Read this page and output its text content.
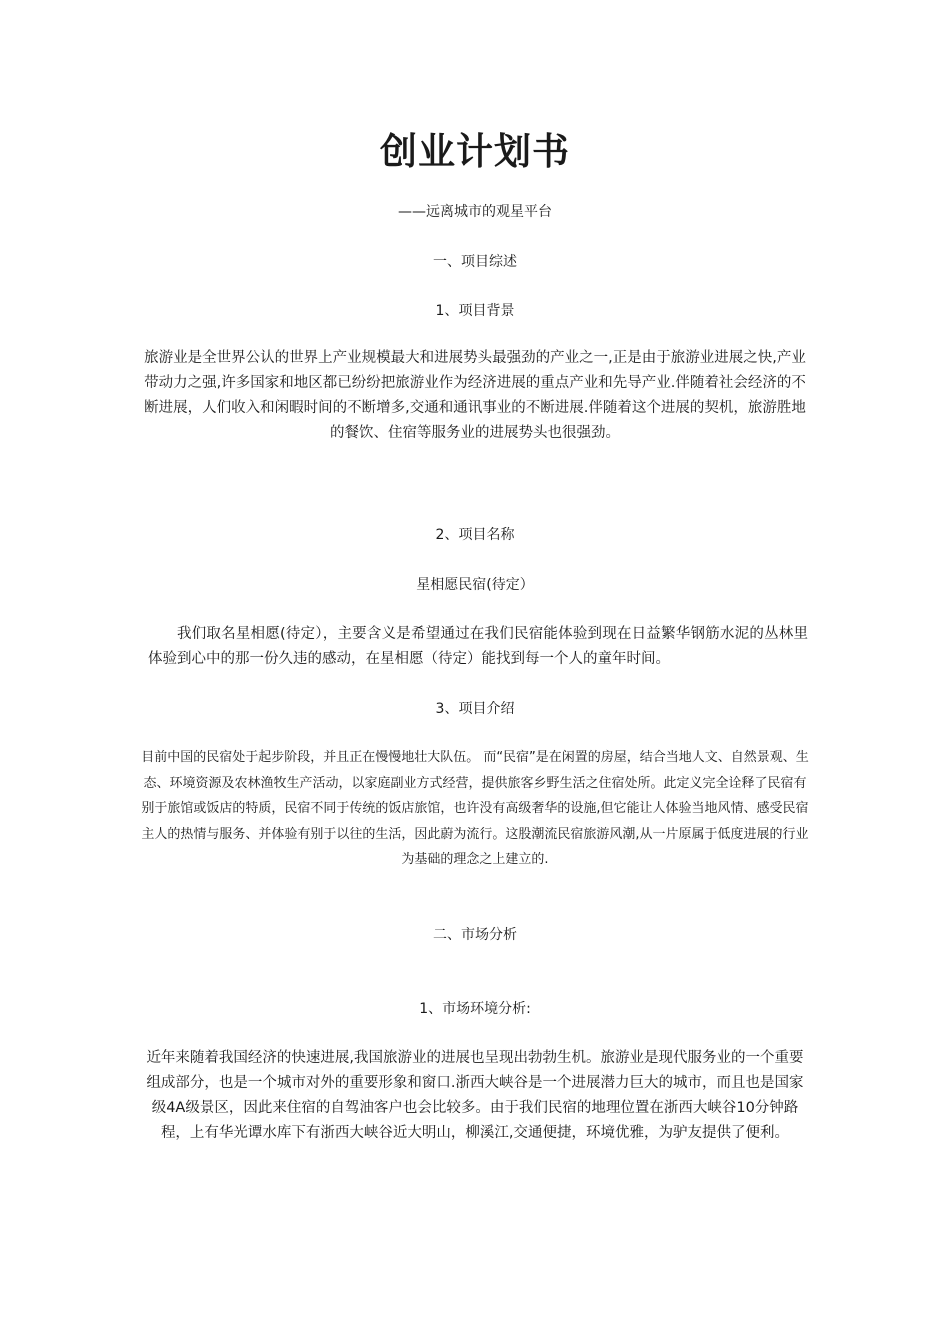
创业计划书
——远离城市的观星平台
一、项目综述
1、项目背景
旅游业是全世界公认的世界上产业规模最大和进展势头最强劲的产业之一,正是由于旅游业进展之快,产业带动力之强,许多国家和地区都已纷纷把旅游业作为经济进展的重点产业和先导产业.伴随着社会经济的不断进展，人们收入和闲暇时间的不断增多,交通和通讯事业的不断进展.伴随着这个进展的契机，旅游胜地的餐饮、住宿等服务业的进展势头也很强劲。
2、项目名称
星相愿民宿(待定）
我们取名星相愿(待定），主要含义是希望通过在我们民宿能体验到现在日益繁华钢筋水泥的丛林里体验到心中的那一份久违的感动，在星相愿（待定）能找到每一个人的童年时间。
3、项目介绍
目前中国的民宿处于起步阶段，并且正在慢慢地壮大队伍。 而“民宿”是在闲置的房屋，结合当地人文、自然景观、生态、环境资源及农林渔牧生产活动，以家庭副业方式经营，提供旅客乡野生活之住宿处所。此定义完全诠释了民宿有别于旅馆或饭店的特质，民宿不同于传统的饭店旅馆，也许没有高级奢华的设施,但它能让人体验当地风情、感受民宿主人的热情与服务、并体验有别于以往的生活，因此蔚为流行。这股潮流民宿旅游风潮,从一片原属于低度进展的行业为基础的理念之上建立的.
二、市场分析
1、市场环境分析:
近年来随着我国经济的快速进展,我国旅游业的进展也呈现出勃勃生机。旅游业是现代服务业的一个重要组成部分，也是一个城市对外的重要形象和窗口.浙西大峡谷是一个进展潜力巨大的城市，而且也是国家级4A级景区，因此来住宿的自驾油客户也会比较多。由于我们民宿的地理位置在浙西大峡谷10分钟路程，上有华光谭水库下有浙西大峡谷近大明山，柳溪江,交通便捷，环境优雅，为驴友提供了便利。
